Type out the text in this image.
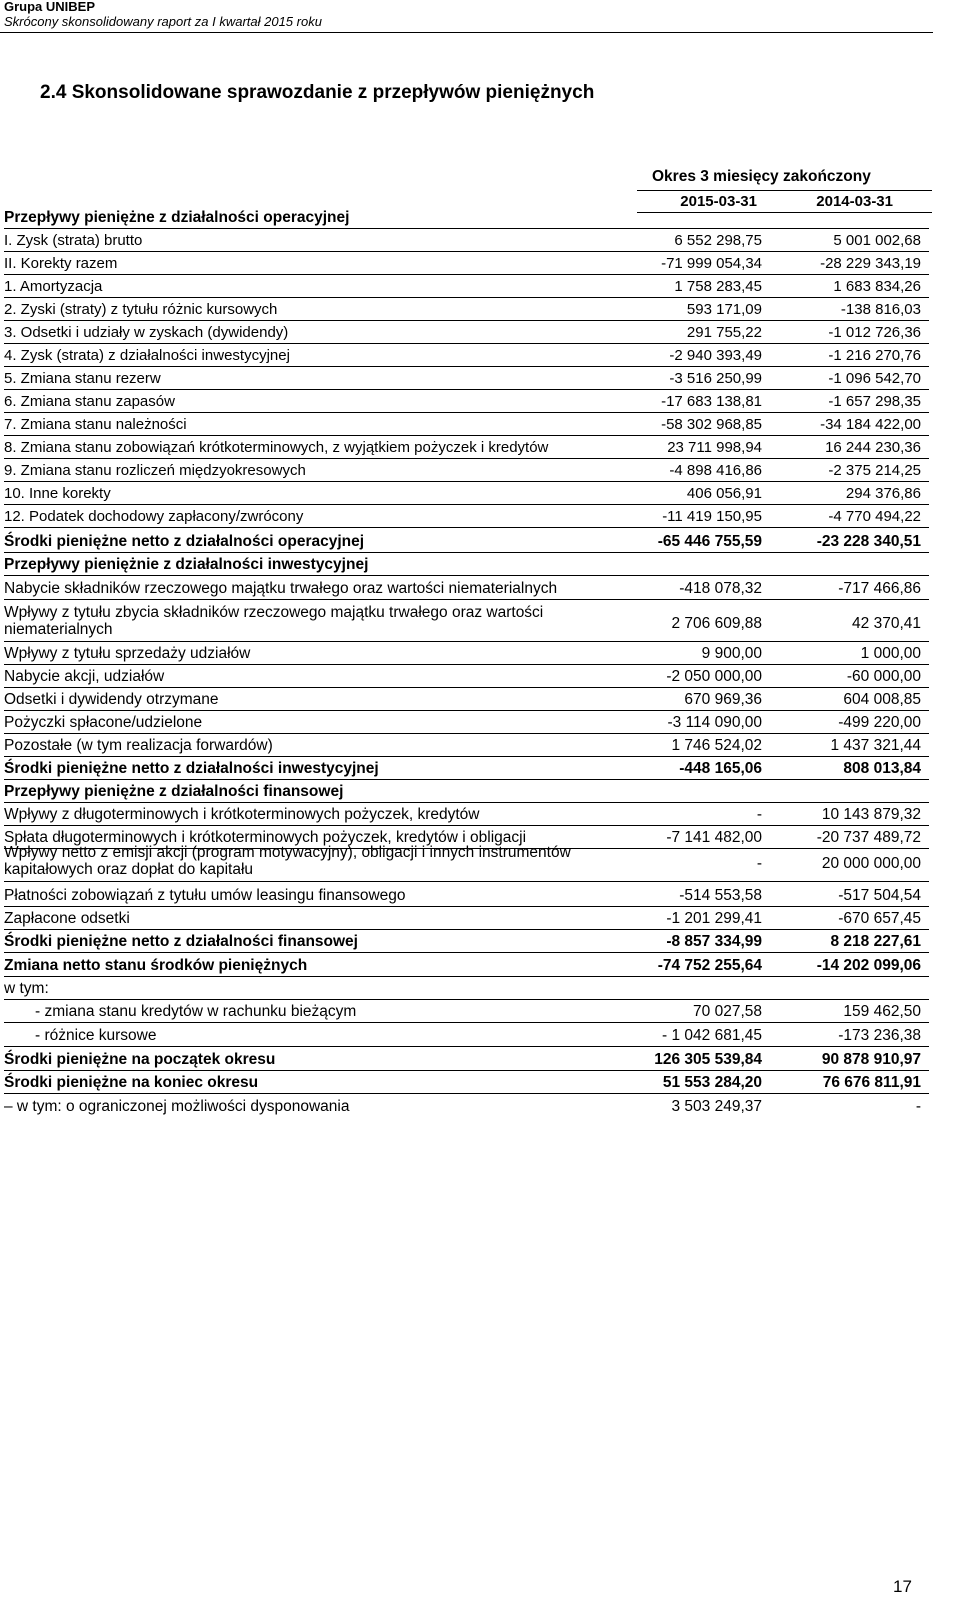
Grupa UNIBEP
Skrócony skonsolidowany raport za I kwartał 2015 roku
2.4 Skonsolidowane sprawozdanie z przepływów pieniężnych
Okres 3 miesięcy zakończony
2015-03-31	2014-03-31
Przepływy pieniężne z działalności operacyjnej
I. Zysk (strata) brutto	6 552 298,75	5 001 002,68
II. Korekty razem	-71 999 054,34	-28 229 343,19
1. Amortyzacja	1 758 283,45	1 683 834,26
2. Zyski (straty) z tytułu różnic kursowych	593 171,09	-138 816,03
3. Odsetki i udziały w zyskach (dywidendy)	291 755,22	-1 012 726,36
4. Zysk (strata) z działalności inwestycyjnej	-2 940 393,49	-1 216 270,76
5. Zmiana stanu rezerw	-3 516 250,99	-1 096 542,70
6. Zmiana stanu zapasów	-17 683 138,81	-1 657 298,35
7. Zmiana stanu należności	-58 302 968,85	-34 184 422,00
8. Zmiana stanu zobowiązań krótkoterminowych, z wyjątkiem pożyczek i kredytów	23 711 998,94	16 244 230,36
9. Zmiana stanu rozliczeń międzyokresowych	-4 898 416,86	-2 375 214,25
10. Inne korekty	406 056,91	294 376,86
12. Podatek dochodowy zapłacony/zwrócony	-11 419 150,95	-4 770 494,22
Środki pieniężne netto z działalności operacyjnej	-65 446 755,59	-23 228 340,51
Przepływy pieniężnie z działalności inwestycyjnej
Nabycie składników rzeczowego majątku trwałego oraz wartości niematerialnych	-418 078,32	-717 466,86
Wpływy z tytułu zbycia składników rzeczowego majątku trwałego oraz wartości niematerialnych	2 706 609,88	42 370,41
Wpływy z tytułu sprzedaży udziałów	9 900,00	1 000,00
Nabycie akcji, udziałów	-2 050 000,00	-60 000,00
Odsetki i dywidendy otrzymane	670 969,36	604 008,85
Pożyczki spłacone/udzielone	-3 114 090,00	-499 220,00
Pozostałe (w tym realizacja forwardów)	1 746 524,02	1 437 321,44
Środki pieniężne netto z działalności inwestycyjnej	-448 165,06	808 013,84
Przepływy pieniężne z działalności finansowej
Wpływy z długoterminowych i krótkoterminowych pożyczek, kredytów	-	10 143 879,32
Spłata długoterminowych i krótkoterminowych pożyczek, kredytów i obligacji	-7 141 482,00	-20 737 489,72
Wpływy netto z emisji akcji (program motywacyjny), obligacji i innych instrumentów kapitałowych oraz dopłat do kapitału	-	20 000 000,00
Płatności zobowiązań z tytułu umów leasingu finansowego	-514 553,58	-517 504,54
Zapłacone odsetki	-1 201 299,41	-670 657,45
Środki pieniężne netto z działalności finansowej	-8 857 334,99	8 218 227,61
Zmiana netto stanu środków pieniężnych	-74 752 255,64	-14 202 099,06
w tym:
- zmiana stanu kredytów w rachunku bieżącym	70 027,58	159 462,50
- różnice kursowe	- 1 042 681,45	-173 236,38
Środki pieniężne na początek okresu	126 305 539,84	90 878 910,97
Środki pieniężne na koniec okresu	51 553 284,20	76 676 811,91
– w tym: o ograniczonej możliwości dysponowania	3 503 249,37	-
17
